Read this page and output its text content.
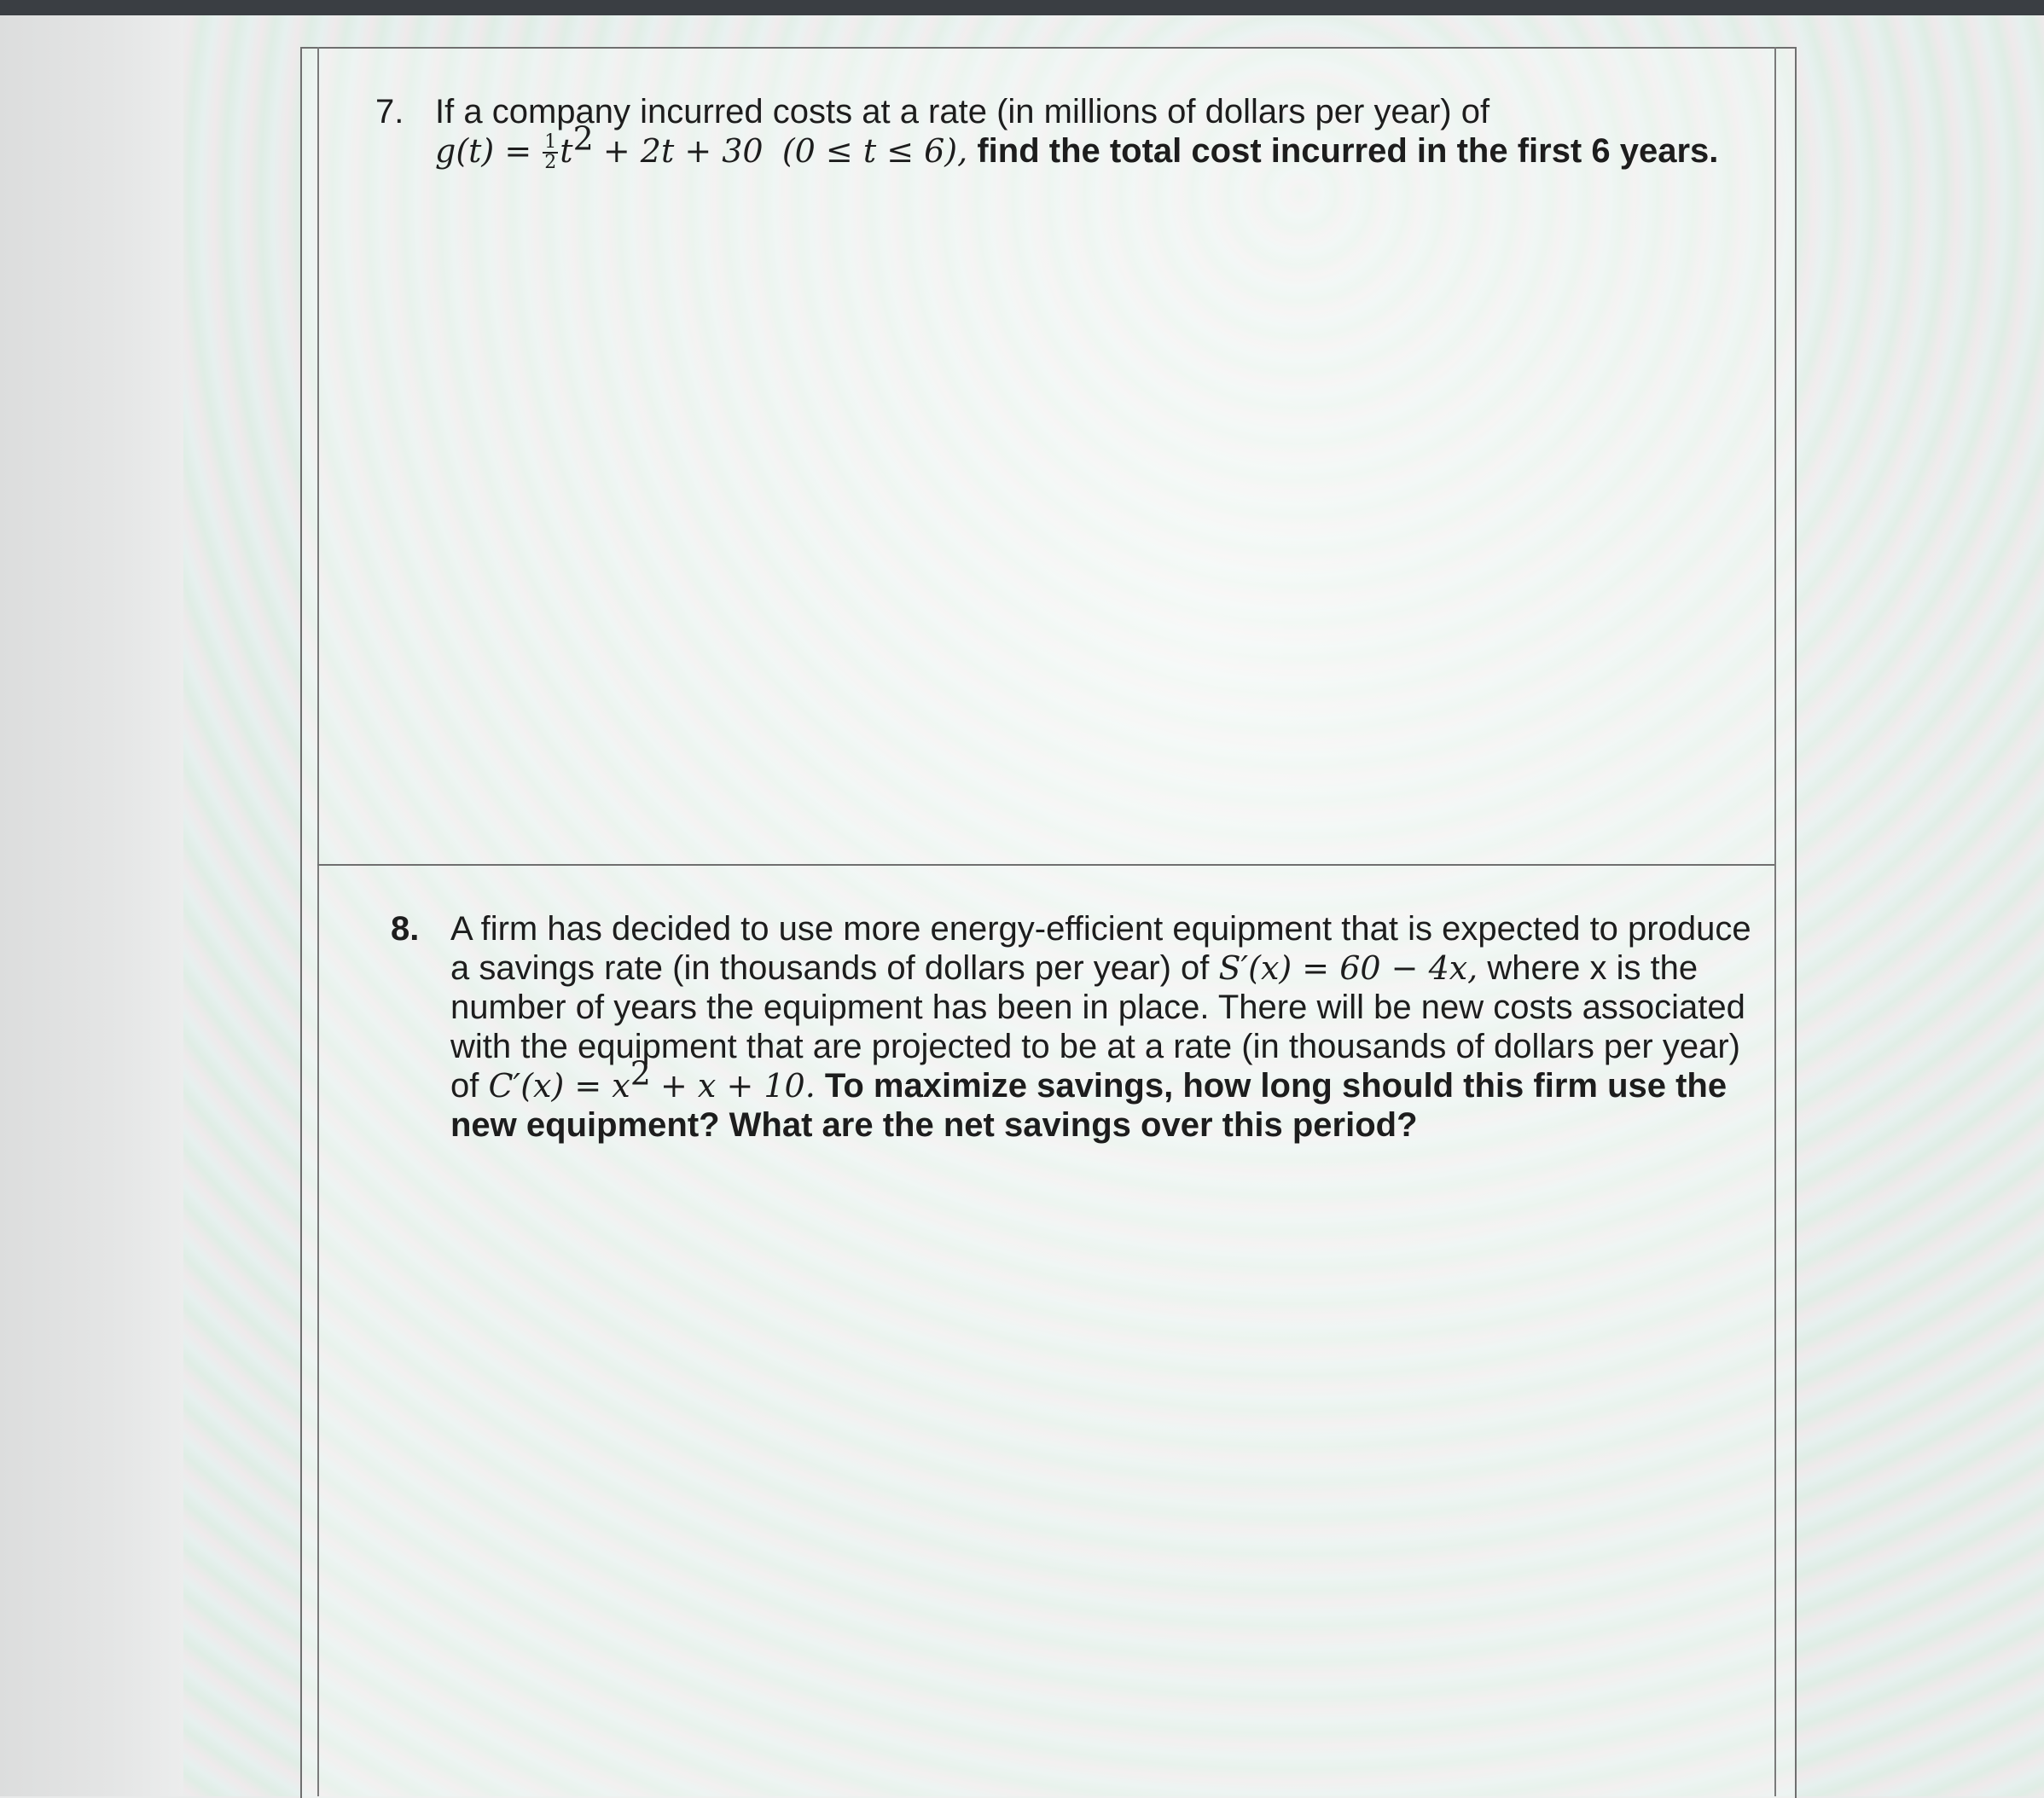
7. If a company incurred costs at a rate (in millions of dollars per year) of
$g(t) = \frac{1}{2} t^2 + 2t + 30$ (0 ≤ t ≤ 6), find the total cost incurred in the first 6 years.
8. A firm has decided to use more energy-efficient equipment that is expected to produce
a savings rate (in thousands of dollars per year) of S′(x) = 60 − 4x, where x is the
number of years the equipment has been in place. There will be new costs associated
with the equipment that are projected to be at a rate (in thousands of dollars per year)
of $C'(x) = x^2 + x + 10$. To maximize savings, how long should this firm use the
new equipment? What are the net savings over this period?
